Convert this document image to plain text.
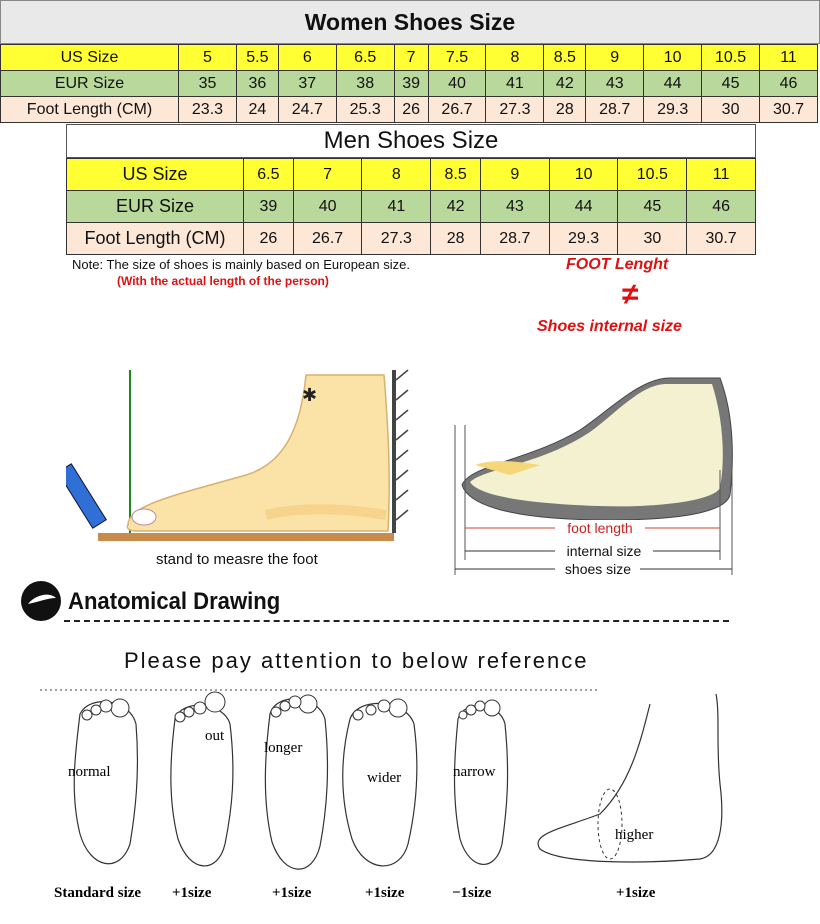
Women Shoes Size
US Size	5	5.5	6	6.5	7	7.5	8	8.5	9	10	10.5	11
EUR Size	35	36	37	38	39	40	41	42	43	44	45	46
Foot Length (CM)	23.3	24	24.7	25.3	26	26.7	27.3	28	28.7	29.3	30	30.7
Men Shoes Size
US Size	6.5	7	8	8.5	9	10	10.5	11
EUR Size	39	40	41	42	43	44	45	46
Foot Length (CM)	26	26.7	27.3	28	28.7	29.3	30	30.7
Note: The size of shoes is mainly based on European size.
(With the actual length of the person)
FOOT Lenght
≠
Shoes internal size
✱
stand to measre the foot
foot length
internal size
shoes size
Anatomical Drawing
Please pay attention to below reference
normal
out
longer
wider	narrow
higher
Standard size +1size	+1size	+1size	−1size	+1size
